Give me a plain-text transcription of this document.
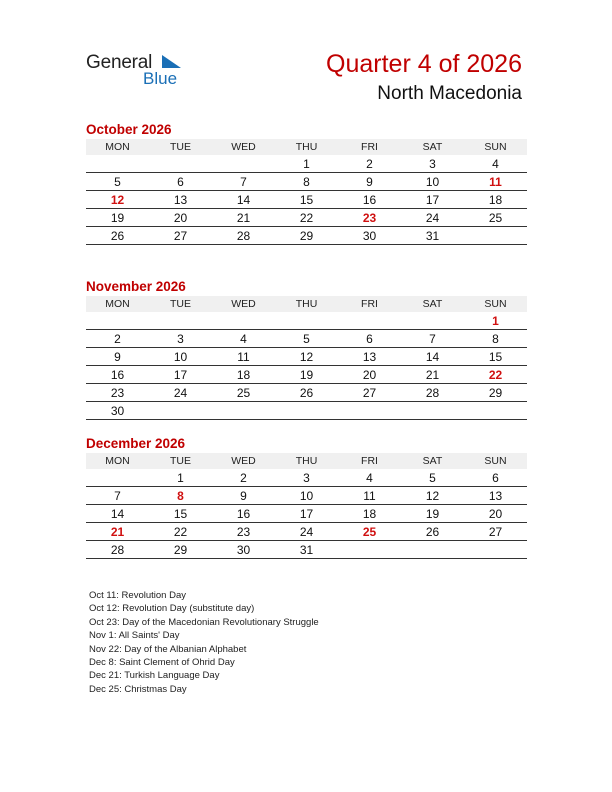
General
Blue
Quarter 4 of 2026
North Macedonia
October 2026
MON	TUE	WED	THU	FRI	SAT	SUN
			1	2	3	4
5	6	7	8	9	10	11
12	13	14	15	16	17	18
19	20	21	22	23	24	25
26	27	28	29	30	31	
November 2026
MON	TUE	WED	THU	FRI	SAT	SUN
						1
2	3	4	5	6	7	8
9	10	11	12	13	14	15
16	17	18	19	20	21	22
23	24	25	26	27	28	29
30						
December 2026
MON	TUE	WED	THU	FRI	SAT	SUN
	1	2	3	4	5	6
7	8	9	10	11	12	13
14	15	16	17	18	19	20
21	22	23	24	25	26	27
28	29	30	31			
Oct 11: Revolution Day
Oct 12: Revolution Day (substitute day)
Oct 23: Day of the Macedonian Revolutionary Struggle
Nov 1: All Saints' Day
Nov 22: Day of the Albanian Alphabet
Dec 8: Saint Clement of Ohrid Day
Dec 21: Turkish Language Day
Dec 25: Christmas Day
